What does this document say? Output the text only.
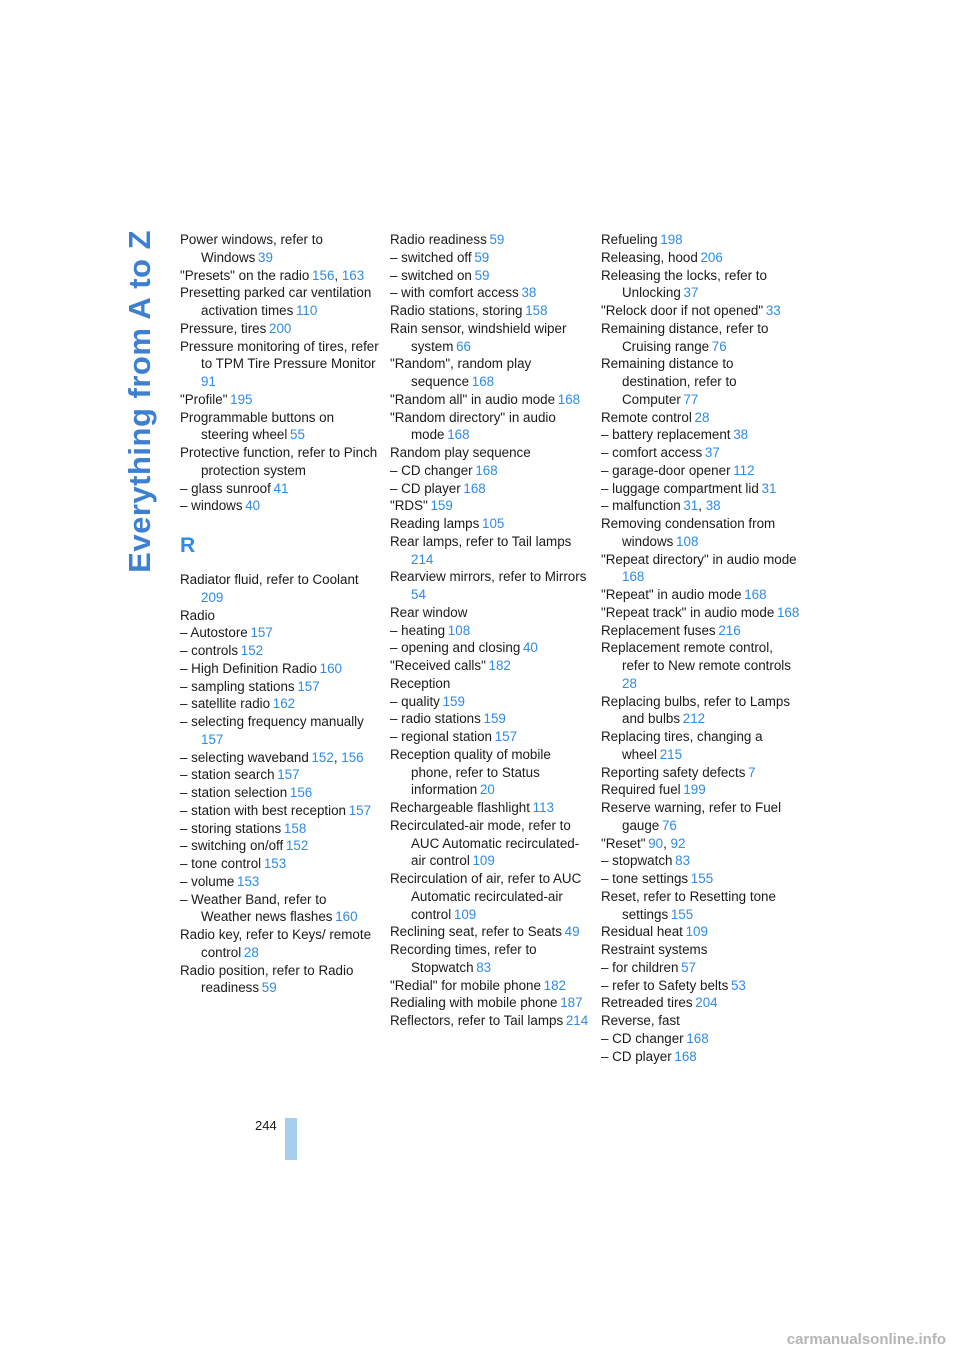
Everything from A to Z Power windows, refer to Windows  39
"Presets" on the radio  156, 163
Presetting parked car ventilation activation times  110
Pressure, tires  200
Pressure monitoring of tires, refer to TPM Tire Pressure Monitor 91
"Profile"  195
Programmable buttons on steering wheel  55
Protective function, refer to Pinch protection system
– glass sunroof  41
– windows  40
R
Radiator fluid, refer to Coolant 209
Radio
– Autostore  157
– controls  152
– High Definition Radio  160
– sampling stations  157
– satellite radio  162
– selecting frequency manually 157
– selecting waveband  152, 156
– station search  157
– station selection  156
– station with best reception  157
– storing stations  158
– switching on/off  152
– tone control  153
– volume  153
– Weather Band, refer to Weather news flashes  160
Radio key, refer to Keys/ remote control  28
Radio position, refer to Radio readiness  59
Radio readiness  59
– switched off  59
– switched on  59
– with comfort access  38
Radio stations, storing  158
Rain sensor, windshield wiper system  66
"Random", random play sequence  168
"Random all" in audio mode  168
"Random directory" in audio mode  168
Random play sequence
– CD changer  168
– CD player  168
"RDS"  159
Reading lamps  105
Rear lamps, refer to Tail lamps 214
Rearview mirrors, refer to Mirrors 54
Rear window
– heating  108
– opening and closing  40
"Received calls"  182
Reception
– quality  159
– radio stations  159
– regional station  157
Reception quality of mobile phone, refer to Status information  20
Rechargeable flashlight  113
Recirculated-air mode, refer to AUC Automatic recirculated-air control  109
Recirculation of air, refer to AUC Automatic recirculated-air control  109
Reclining seat, refer to Seats  49
Recording times, refer to Stopwatch  83
"Redial" for mobile phone  182
Redialing with mobile phone  187
Reflectors, refer to Tail lamps  214
Refueling  198
Releasing, hood  206
Releasing the locks, refer to Unlocking  37
"Relock door if not opened"  33
Remaining distance, refer to Cruising range  76
Remaining distance to destination, refer to Computer  77
Remote control  28
– battery replacement  38
– comfort access  37
– garage-door opener  112
– luggage compartment lid  31
– malfunction  31, 38
Removing condensation from windows  108
"Repeat directory" in audio mode 168
"Repeat" in audio mode  168
"Repeat track" in audio mode  168
Replacement fuses  216
Replacement remote control, refer to New remote controls 28
Replacing bulbs, refer to Lamps and bulbs  212
Replacing tires, changing a wheel  215
Reporting safety defects  7
Required fuel  199
Reserve warning, refer to Fuel gauge  76
"Reset"  90, 92
– stopwatch  83
– tone settings  155
Reset, refer to Resetting tone settings  155
Residual heat  109
Restraint systems
– for children  57
– refer to Safety belts  53
Retreaded tires  204
Reverse, fast
– CD changer  168
– CD player  168
244
carmanualsonline.info
